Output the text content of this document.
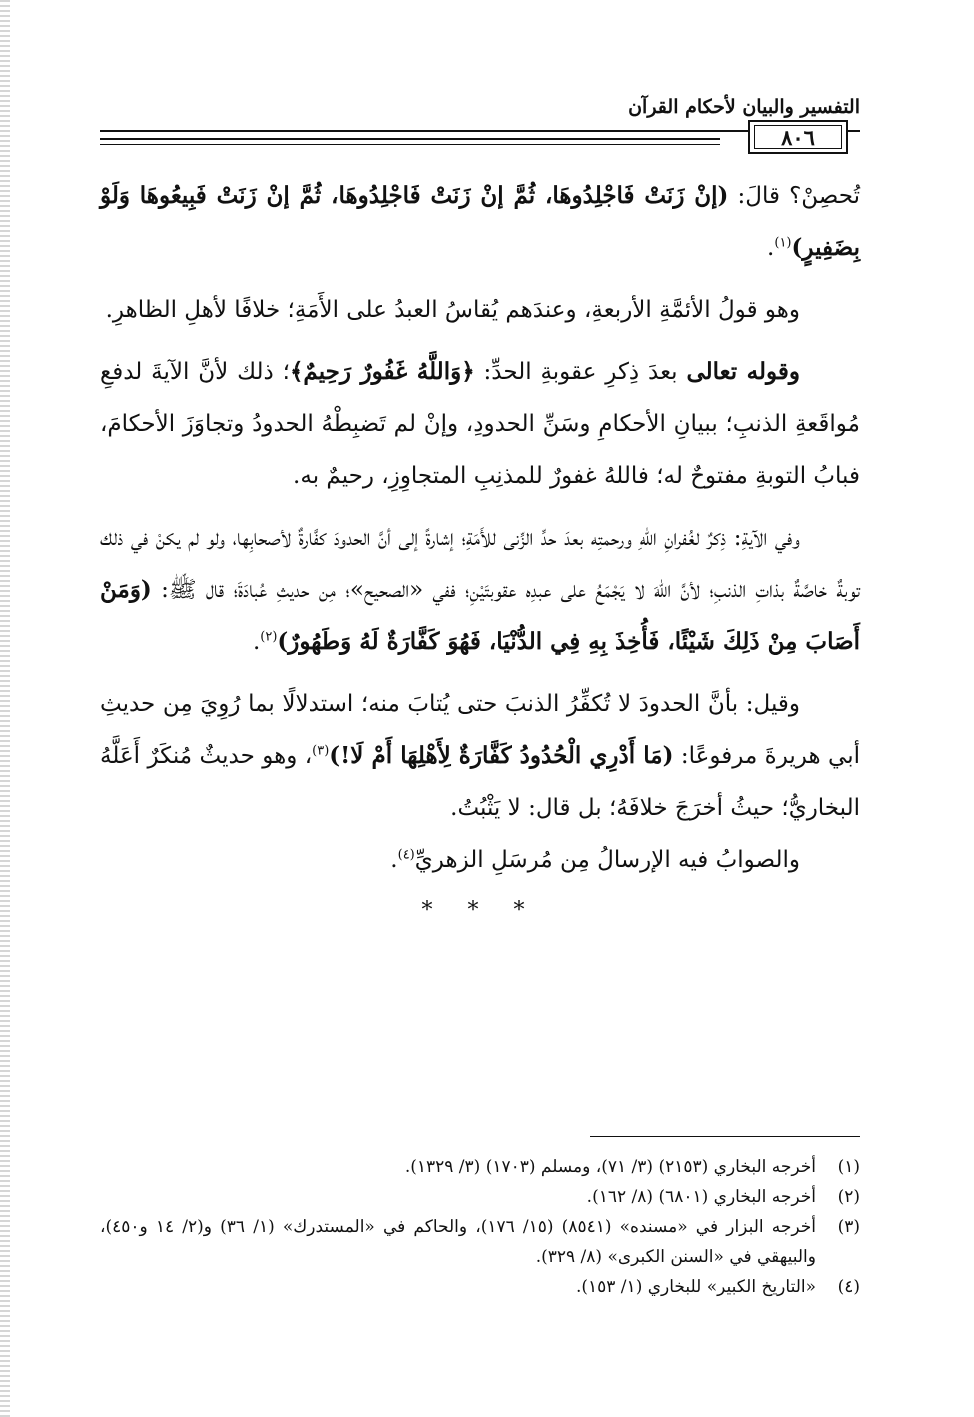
التفسير والبيان لأحكام القرآن
٨٠٦

تُحصِنْ؟ قالَ: (إنْ زَنَتْ فَاجْلِدُوهَا، ثُمَّ إنْ زَنَتْ فَاجْلِدُوهَا، ثُمَّ إنْ زَنَتْ فَبِيعُوهَا وَلَوْ بِضَفِيرٍ)$^{(١)}$.

وهو قولُ الأئمَّةِ الأربعةِ، وعندَهم يُقاسُ العبدُ على الأَمَةِ؛ خلافًا لأهلِ الظاهرِ.

وقوله تعالى بعدَ ذِكرِ عقوبةِ الحدِّ: ﴿وَاللَّهُ غَفُورٌ رَحِيمٌ﴾؛ ذلك لأنَّ الآيةَ لدفعِ مُواقَعةِ الذنبِ؛ ببيانِ الأحكامِ وسَنِّ الحدودِ، وإنْ لم تَضبِطْهُ الحدودُ وتجاوَزَ الأحكامَ، فبابُ التوبةِ مفتوحٌ له؛ فاللهُ غفورٌ للمذنِبِ المتجاوِزِ، رحيمٌ به.

وفي الآيةِ: ذِكرٌ لغُفرانِ اللهِ ورحمتِه بعدَ حدِّ الزِّنى للأَمَةِ؛ إشارةً إلى أنَّ الحدودَ كفَّارةٌ لأصحابِها، ولو لم يكنْ في ذلك توبةٌ خاصَّةٌ بذاتِ الذنبِ؛ لأنَّ اللهَ لا يَجْمَعُ على عبدِه عقوبتَيْنِ؛ ففي «الصحيح»؛ مِن حديثِ عُبادَةَ؛ قال ﷺ: (وَمَنْ أَصَابَ مِنْ ذَلِكَ شَيْئًا، فَأُخِذَ بِهِ فِي الدُّنْيَا، فَهُوَ كَفَّارَةٌ لَهُ وَطَهُورٌ)$^{(٢)}$.

وقيل: بأنَّ الحدودَ لا تُكفِّرُ الذنبَ حتى يُتابَ منه؛ استدلالًا بما رُوِيَ مِن حديثِ أبي هريرةَ مرفوعًا: (مَا أَدْرِي الْحُدُودُ كَفَّارَةٌ لِأَهْلِهَا أَمْ لَا!)$^{(٣)}$، وهو حديثٌ مُنكَرٌ أَعَلَّهُ البخاريُّ؛ حيثُ أخرَجَ خلافَهُ؛ بل قال: لا يَثْبُتُ.

والصوابُ فيه الإرسالُ مِن مُرسَلِ الزهريِّ$^{(٤)}$.

* * *

(١)
أخرجه البخاري (٢١٥٣) (٣/ ٧١)، ومسلم (١٧٠٣) (٣/ ١٣٢٩).
(٢)
أخرجه البخاري (٦٨٠١) (٨/ ١٦٢).
(٣)
أخرجه البزار في «مسنده» (٨٥٤١) (١٥/ ١٧٦)، والحاكم في «المستدرك» (١/ ٣٦) و(٢/ ١٤ و٤٥٠)، والبيهقي في «السنن الكبرى» (٨/ ٣٢٩).
(٤)
«التاريخ الكبير» للبخاري (١/ ١٥٣).
